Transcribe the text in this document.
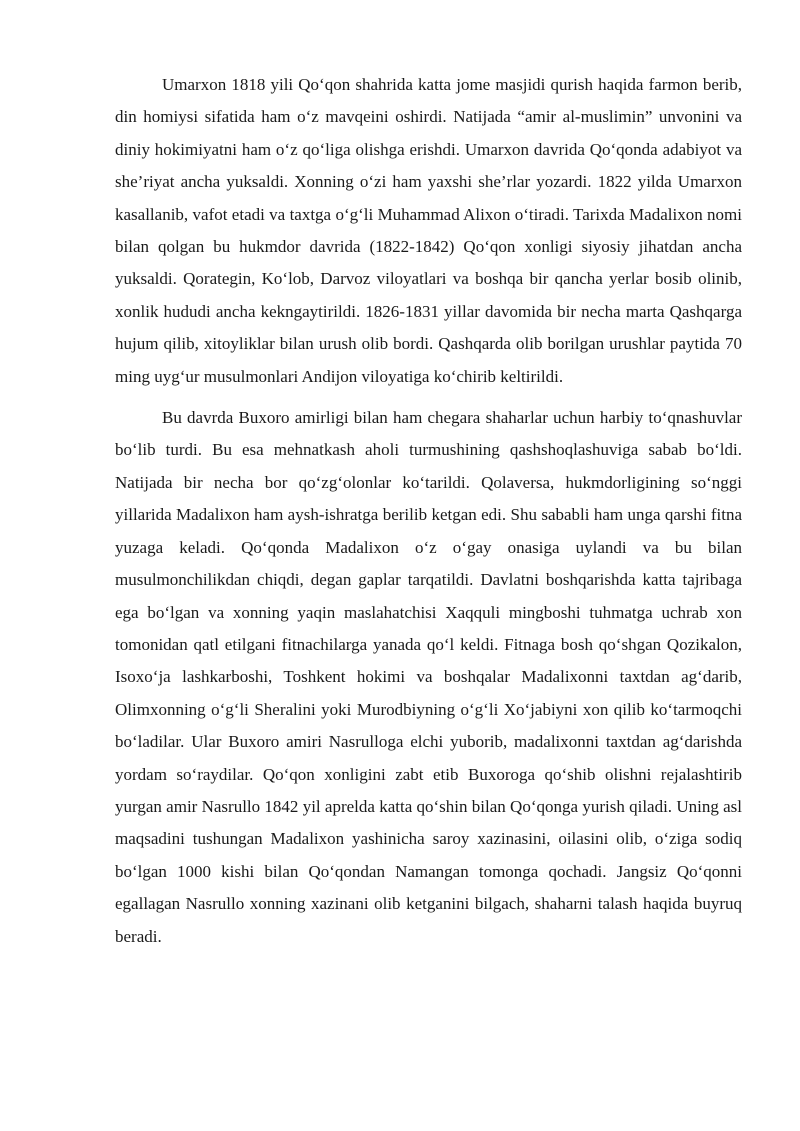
Umarxon 1818 yili Qo‘qon shahrida katta jome masjidi qurish haqida farmon berib, din homiysi sifatida ham o‘z mavqeini oshirdi. Natijada “amir al-muslimin” unvonini va diniy hokimiyatni ham o‘z qo‘liga olishga erishdi. Umarxon davrida Qo‘qonda adabiyot va she’riyat ancha yuksaldi. Xonning o‘zi ham yaxshi she’rlar yozardi. 1822 yilda Umarxon kasallanib, vafot etadi va taxtga o‘g‘li Muhammad Alixon o‘tiradi. Tarixda Madalixon nomi bilan qolgan bu hukmdor davrida (1822-1842) Qo‘qon xonligi siyosiy jihatdan ancha yuksaldi. Qorategin, Ko‘lob, Darvoz viloyatlari va boshqa bir qancha yerlar bosib olinib, xonlik hududi ancha kekngaytirildi. 1826-1831 yillar davomida bir necha marta Qashqarga hujum qilib, xitoyliklar bilan urush olib bordi. Qashqarda olib borilgan urushlar paytida 70 ming uyg‘ur musulmonlari Andijon viloyatiga ko‘chirib keltirildi.

Bu davrda Buxoro amirligi bilan ham chegara shaharlar uchun harbiy to‘qnashuvlar bo‘lib turdi. Bu esa mehnatkash aholi turmushining qashshoqlashuviga sabab bo‘ldi. Natijada bir necha bor qo‘zg‘olonlar ko‘tarildi. Qolaversa, hukmdorligining so‘nggi yillarida Madalixon ham aysh-ishratga berilib ketgan edi. Shu sababli ham unga qarshi fitna yuzaga keladi. Qo‘qonda Madalixon o‘z o‘gay onasiga uylandi va bu bilan musulmonchilikdan chiqdi, degan gaplar tarqatildi. Davlatni boshqarishda katta tajribaga ega bo‘lgan va xonning yaqin maslahatchisi Xaqquli mingboshi tuhmatga uchrab xon tomonidan qatl etilgani fitnachilarga yanada qo‘l keldi. Fitnaga bosh qo‘shgan Qozikalon, Isoxo‘ja lashkarboshi, Toshkent hokimi va boshqalar Madalixonni taxtdan ag‘darib, Olimxonning o‘g‘li Sheralini yoki Murodbiyning o‘g‘li Xo‘jabiyni xon qilib ko‘tarmoqchi bo‘ladilar. Ular Buxoro amiri Nasrulloga elchi yuborib, madalixonni taxtdan ag‘darishda yordam so‘raydilar. Qo‘qon xonligini zabt etib Buxoroga qo‘shib olishni rejalashtirib yurgan amir Nasrullo 1842 yil aprelda katta qo‘shin bilan Qo‘qonga yurish qiladi. Uning asl maqsadini tushungan Madalixon yashinicha saroy xazinasini, oilasini olib, o‘ziga sodiq bo‘lgan 1000 kishi bilan Qo‘qondan Namangan tomonga qochadi. Jangsiz Qo‘qonni egallagan Nasrullo xonning xazinani olib ketganini bilgach, shaharni talash haqida buyruq beradi.
